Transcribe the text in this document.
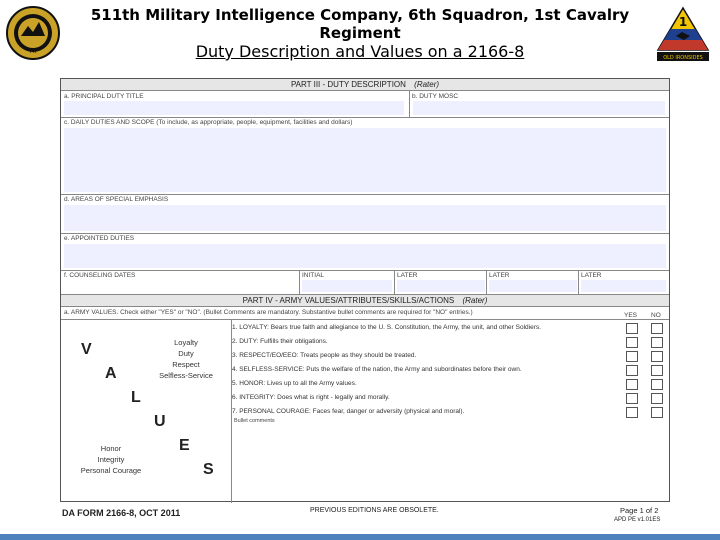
MI
1
OLD IRONSIDES
511th Military Intelligence Company, 6th Squadron, 1st Cavalry Regiment
Duty Description and Values on a 2166-8
PART III - DUTY DESCRIPTION (Rater)
a. PRINCIPAL DUTY TITLE	b. DUTY MOSC
c. DAILY DUTIES AND SCOPE (To include, as appropriate, people, equipment, facilities and dollars)
d. AREAS OF SPECIAL EMPHASIS
e. APPOINTED DUTIES
f. COUNSELING DATES	INITIAL	LATER	LATER	LATER
PART IV - ARMY VALUES/ATTRIBUTES/SKILLS/ACTIONS (Rater)
a. ARMY VALUES. Check either "YES" or "NO". (Bullet Comments are mandatory. Substantive bullet comments are required for "NO" entries.)	YES NO
V
A
L
U
E
S
Loyalty
Duty
Respect
Selfless-Service
Honor
Integrity
Personal Courage
1. LOYALTY: Bears true faith and allegiance to the U. S. Constitution, the Army, the unit, and other Soldiers.
2. DUTY: Fulfills their obligations.
3. RESPECT/EO/EEO: Treats people as they should be treated.
4. SELFLESS-SERVICE: Puts the welfare of the nation, the Army and subordinates before their own.
5. HONOR: Lives up to all the Army values.
6. INTEGRITY: Does what is right - legally and morally.
7. PERSONAL COURAGE: Faces fear, danger or adversity (physical and moral).
Bullet comments
DA FORM 2166-8, OCT 2011	PREVIOUS EDITIONS ARE OBSOLETE.	Page 1 of 2
APD PE v1.01ES
